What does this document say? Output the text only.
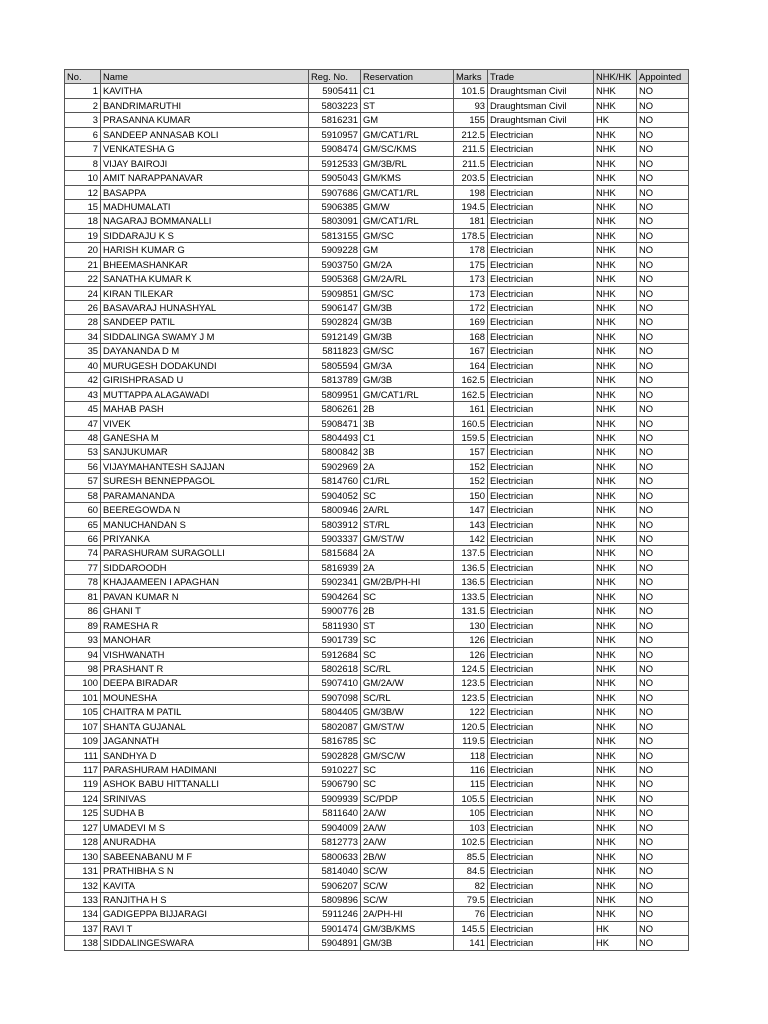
No.	Name	Reg. No.	Reservation	Marks	Trade	NHK/HK	Appointed
1	KAVITHA	5905411	C1	101.5	Draughtsman Civil	NHK	NO
2	BANDRIMARUTHI	5803223	ST	93	Draughtsman Civil	NHK	NO
3	PRASANNA KUMAR	5816231	GM	155	Draughtsman Civil	HK	NO
6	SANDEEP ANNASAB KOLI	5910957	GM/CAT1/RL	212.5	Electrician	NHK	NO
7	VENKATESHA G	5908474	GM/SC/KMS	211.5	Electrician	NHK	NO
8	VIJAY BAIROJI	5912533	GM/3B/RL	211.5	Electrician	NHK	NO
10	AMIT NARAPPANAVAR	5905043	GM/KMS	203.5	Electrician	NHK	NO
12	BASAPPA	5907686	GM/CAT1/RL	198	Electrician	NHK	NO
15	MADHUMALATI	5906385	GM/W	194.5	Electrician	NHK	NO
18	NAGARAJ BOMMANALLI	5803091	GM/CAT1/RL	181	Electrician	NHK	NO
19	SIDDARAJU K S	5813155	GM/SC	178.5	Electrician	NHK	NO
20	HARISH KUMAR G	5909228	GM	178	Electrician	NHK	NO
21	BHEEMASHANKAR	5903750	GM/2A	175	Electrician	NHK	NO
22	SANATHA KUMAR K	5905368	GM/2A/RL	173	Electrician	NHK	NO
24	KIRAN TILEKAR	5909851	GM/SC	173	Electrician	NHK	NO
26	BASAVARAJ HUNASHYAL	5906147	GM/3B	172	Electrician	NHK	NO
28	SANDEEP PATIL	5902824	GM/3B	169	Electrician	NHK	NO
34	SIDDALINGA SWAMY J M	5912149	GM/3B	168	Electrician	NHK	NO
35	DAYANANDA D M	5811823	GM/SC	167	Electrician	NHK	NO
40	MURUGESH DODAKUNDI	5805594	GM/3A	164	Electrician	NHK	NO
42	GIRISHPRASAD U	5813789	GM/3B	162.5	Electrician	NHK	NO
43	MUTTAPPA ALAGAWADI	5809951	GM/CAT1/RL	162.5	Electrician	NHK	NO
45	MAHAB PASH	5806261	2B	161	Electrician	NHK	NO
47	VIVEK	5908471	3B	160.5	Electrician	NHK	NO
48	GANESHA M	5804493	C1	159.5	Electrician	NHK	NO
53	SANJUKUMAR	5800842	3B	157	Electrician	NHK	NO
56	VIJAYMAHANTESH SAJJAN	5902969	2A	152	Electrician	NHK	NO
57	SURESH BENNEPPAGOL	5814760	C1/RL	152	Electrician	NHK	NO
58	PARAMANANDA	5904052	SC	150	Electrician	NHK	NO
60	BEEREGOWDA N	5800946	2A/RL	147	Electrician	NHK	NO
65	MANUCHANDAN S	5803912	ST/RL	143	Electrician	NHK	NO
66	PRIYANKA	5903337	GM/ST/W	142	Electrician	NHK	NO
74	PARASHURAM SURAGOLLI	5815684	2A	137.5	Electrician	NHK	NO
77	SIDDAROODH	5816939	2A	136.5	Electrician	NHK	NO
78	KHAJAAMEEN I APAGHAN	5902341	GM/2B/PH-HI	136.5	Electrician	NHK	NO
81	PAVAN KUMAR N	5904264	SC	133.5	Electrician	NHK	NO
86	GHANI T	5900776	2B	131.5	Electrician	NHK	NO
89	RAMESHA R	5811930	ST	130	Electrician	NHK	NO
93	MANOHAR	5901739	SC	126	Electrician	NHK	NO
94	VISHWANATH	5912684	SC	126	Electrician	NHK	NO
98	PRASHANT R	5802618	SC/RL	124.5	Electrician	NHK	NO
100	DEEPA BIRADAR	5907410	GM/2A/W	123.5	Electrician	NHK	NO
101	MOUNESHA	5907098	SC/RL	123.5	Electrician	NHK	NO
105	CHAITRA M PATIL	5804405	GM/3B/W	122	Electrician	NHK	NO
107	SHANTA GUJANAL	5802087	GM/ST/W	120.5	Electrician	NHK	NO
109	JAGANNATH	5816785	SC	119.5	Electrician	NHK	NO
111	SANDHYA D	5902828	GM/SC/W	118	Electrician	NHK	NO
117	PARASHURAM HADIMANI	5910227	SC	116	Electrician	NHK	NO
119	ASHOK BABU HITTANALLI	5906790	SC	115	Electrician	NHK	NO
124	SRINIVAS	5909939	SC/PDP	105.5	Electrician	NHK	NO
125	SUDHA B	5811640	2A/W	105	Electrician	NHK	NO
127	UMADEVI M S	5904009	2A/W	103	Electrician	NHK	NO
128	ANURADHA	5812773	2A/W	102.5	Electrician	NHK	NO
130	SABEENABANU M F	5800633	2B/W	85.5	Electrician	NHK	NO
131	PRATHIBHA S N	5814040	SC/W	84.5	Electrician	NHK	NO
132	KAVITA	5906207	SC/W	82	Electrician	NHK	NO
133	RANJITHA H S	5809896	SC/W	79.5	Electrician	NHK	NO
134	GADIGEPPA BIJJARAGI	5911246	2A/PH-HI	76	Electrician	NHK	NO
137	RAVI T	5901474	GM/3B/KMS	145.5	Electrician	HK	NO
138	SIDDALINGESWARA	5904891	GM/3B	141	Electrician	HK	NO
